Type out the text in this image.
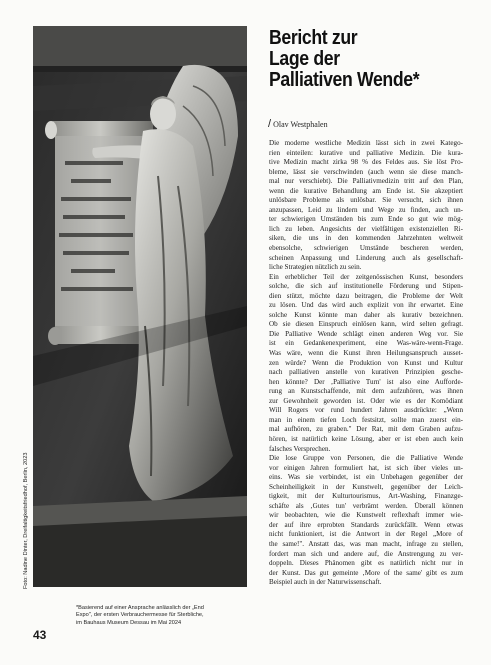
Foto: Nadine Dinter, Dreifaltigkeitsfriedhof, Berlin, 2023
43
*Basierend auf einer Ansprache anlässlich der „End
Expo", der ersten Verbrauchermesse für Sterbliche,
im Bauhaus Museum Dessau im Mai 2024
Bericht zur
Lage der
Palliativen Wende*
/ Olav Westphalen
Die moderne westliche Medizin lässt sich in zwei Katego-
rien einteilen: kurative und palliative Medizin. Die kura-
tive Medizin macht zirka 98 % des Feldes aus. Sie löst Pro-
bleme, lässt sie verschwinden (auch wenn sie diese manch-
mal nur verschiebt). Die Palliativmedizin tritt auf den Plan,
wenn die kurative Behandlung am Ende ist. Sie akzeptiert
unlösbare Probleme als unlösbar. Sie versucht, sich ihnen
anzupassen, Leid zu lindern und Wege zu finden, auch un-
ter schwierigen Umständen bis zum Ende so gut wie mög-
lich zu leben. Angesichts der vielfältigen existenziellen Ri-
siken, die uns in den kommenden Jahrzehnten weltweit
ebensolche, schwierigen Umstände bescheren werden,
scheinen Anpassung und Linderung auch als gesellschaft-
liche Strategien nützlich zu sein.
Ein erheblicher Teil der zeitgenössischen Kunst, besonders
solche, die sich auf institutionelle Förderung und Stipen-
dien stützt, möchte dazu beitragen, die Probleme der Welt
zu lösen. Und das wird auch explizit von ihr erwartet. Eine
solche Kunst könnte man daher als kurativ bezeichnen.
Ob sie diesen Einspruch einlösen kann, wird selten gefragt.
Die Palliative Wende schlägt einen anderen Weg vor. Sie
ist ein Gedankenexperiment, eine Was-wäre-wenn-Frage.
Was wäre, wenn die Kunst ihren Heilungsanspruch ausset-
zen würde? Wenn die Produktion von Kunst und Kultur
nach palliativen anstelle von kurativen Prinzipien gesche-
hen könnte? Der ‚Palliative Turn' ist also eine Aufforde-
rung an Kunstschaffende, mit dem aufzuhören, was ihnen
zur Gewohnheit geworden ist. Oder wie es der Komödiant
Will Rogers vor rund hundert Jahren ausdrückte: „Wenn
man in einem tiefen Loch festsitzt, sollte man zuerst ein-
mal aufhören, zu graben." Der Rat, mit dem Graben aufzu-
hören, ist natürlich keine Lösung, aber er ist eben auch kein
falsches Versprechen.
Die lose Gruppe von Personen, die die Palliative Wende
vor einigen Jahren formuliert hat, ist sich über vieles un-
eins. Was sie verbindet, ist ein Unbehagen gegenüber der
Scheinheiligkeit in der Kunstwelt, gegenüber der Leich-
tigkeit, mit der Kulturtourismus, Art-Washing, Finanzge-
schäfte als ‚Gutes tun' verbrämt werden. Überall können
wir beobachten, wie die Kunstwelt reflexhaft immer wie-
der auf ihre erprobten Standards zurückfällt. Wenn etwas
nicht funktioniert, ist die Antwort in der Regel „More of
the same!". Anstatt das, was man macht, infrage zu stellen,
fordert man sich und andere auf, die Anstrengung zu ver-
doppeln. Dieses Phänomen gibt es natürlich nicht nur in
der Kunst. Das gut gemeinte ‚More of the same' gibt es zum
Beispiel auch in der Naturwissenschaft.
